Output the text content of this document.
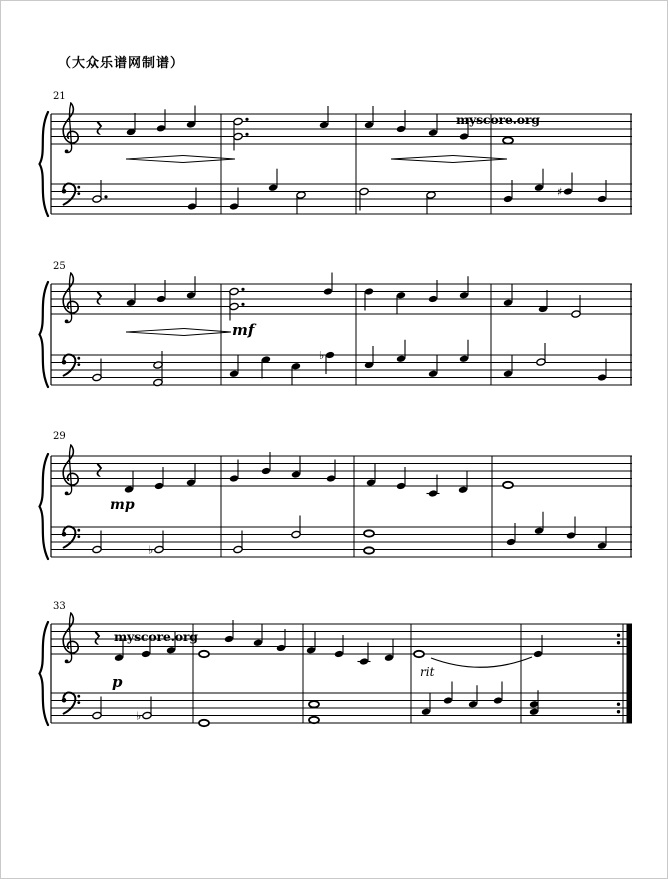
♯
♭
♭
♭
（大众乐谱网制谱）
21
25
29
33
myscore.org
myscore.org
mf
mp
p
rit
